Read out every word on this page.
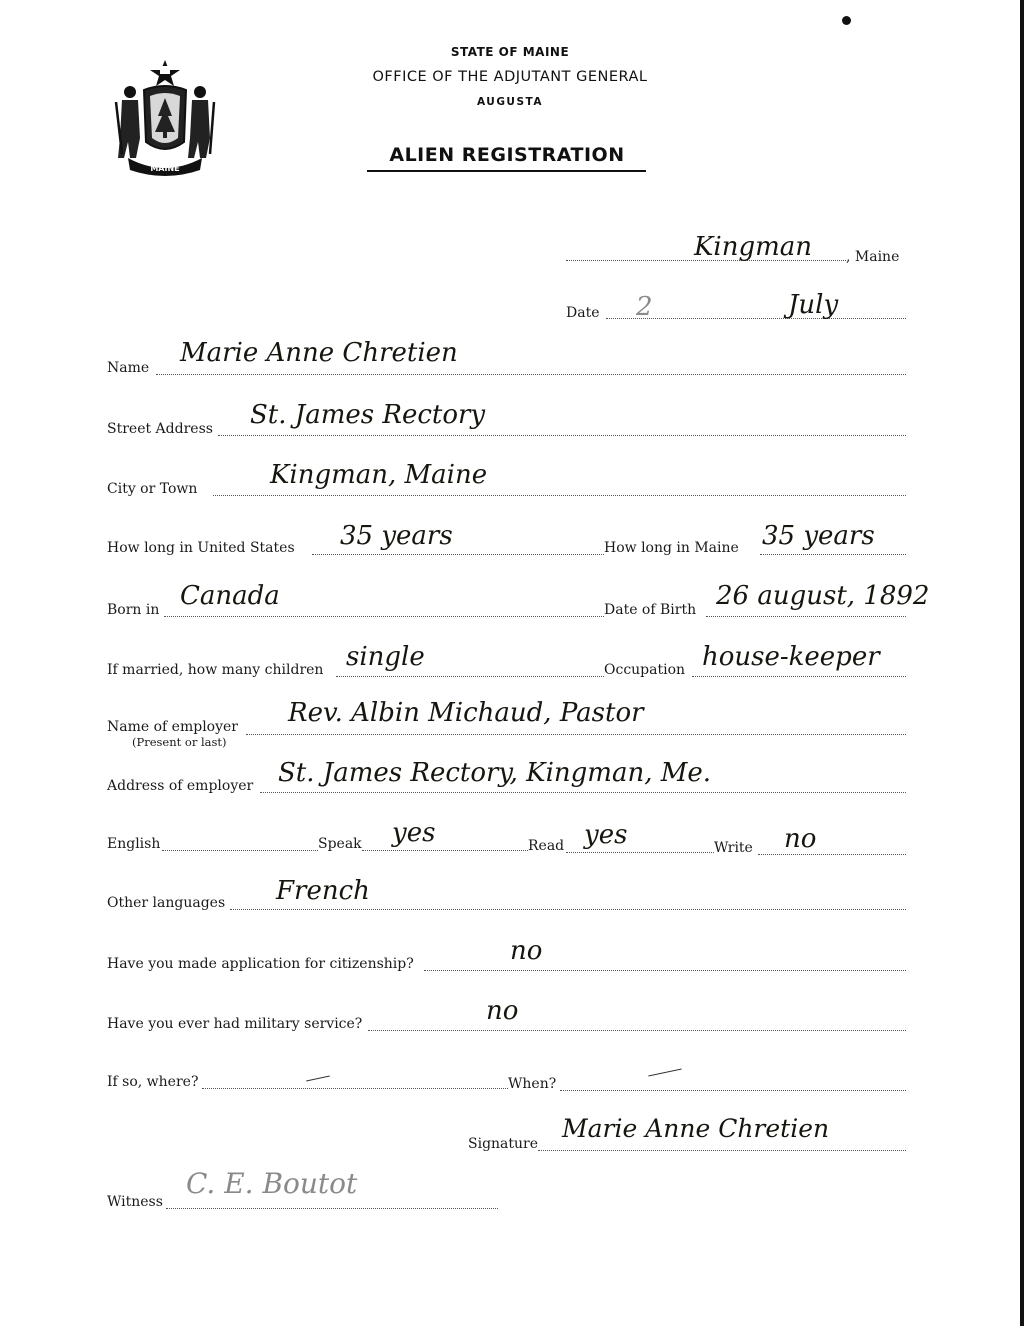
MAINE
STATE OF MAINE
OFFICE OF THE ADJUTANT GENERAL
AUGUSTA
ALIEN REGISTRATION
Kingman , Maine
Date 2	July
Name Marie Anne Chretien
Street Address St. James Rectory
City or Town	Kingman, Maine
How long in United States 35 years	How long in Maine 35 years
Born in Canada	Date of Birth 26 august, 1892
If married, how many children single	Occupation house-keeper
Name of employer
(Present or last)
Rev. Albin Michaud, Pastor
Address of employer St. James Rectory, Kingman, Me.
English	Speak yes	Read yes	Write no
Other languages French
Have you made application for citizenship?	no
Have you ever had military service?	no
If so, where?	When?
Signature
Marie Anne Chretien
Witness
C. E. Boutot
